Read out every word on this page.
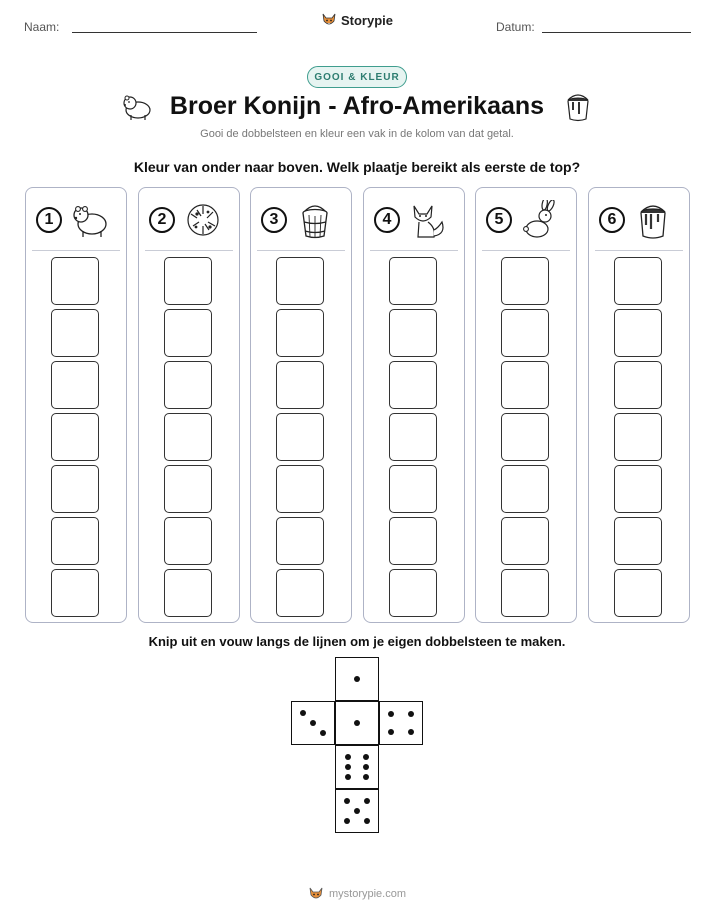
Naam:	Storypie	Datum:
GOOI & KLEUR
Broer Konijn - Afro-Amerikaans
Gooi de dobbelsteen en kleur een vak in de kolom van dat getal.
Kleur van onder naar boven. Welk plaatje bereikt als eerste de top?
1	2	3	4	5	6
Knip uit en vouw langs de lijnen om je eigen dobbelsteen te maken.
mystorypie.com
